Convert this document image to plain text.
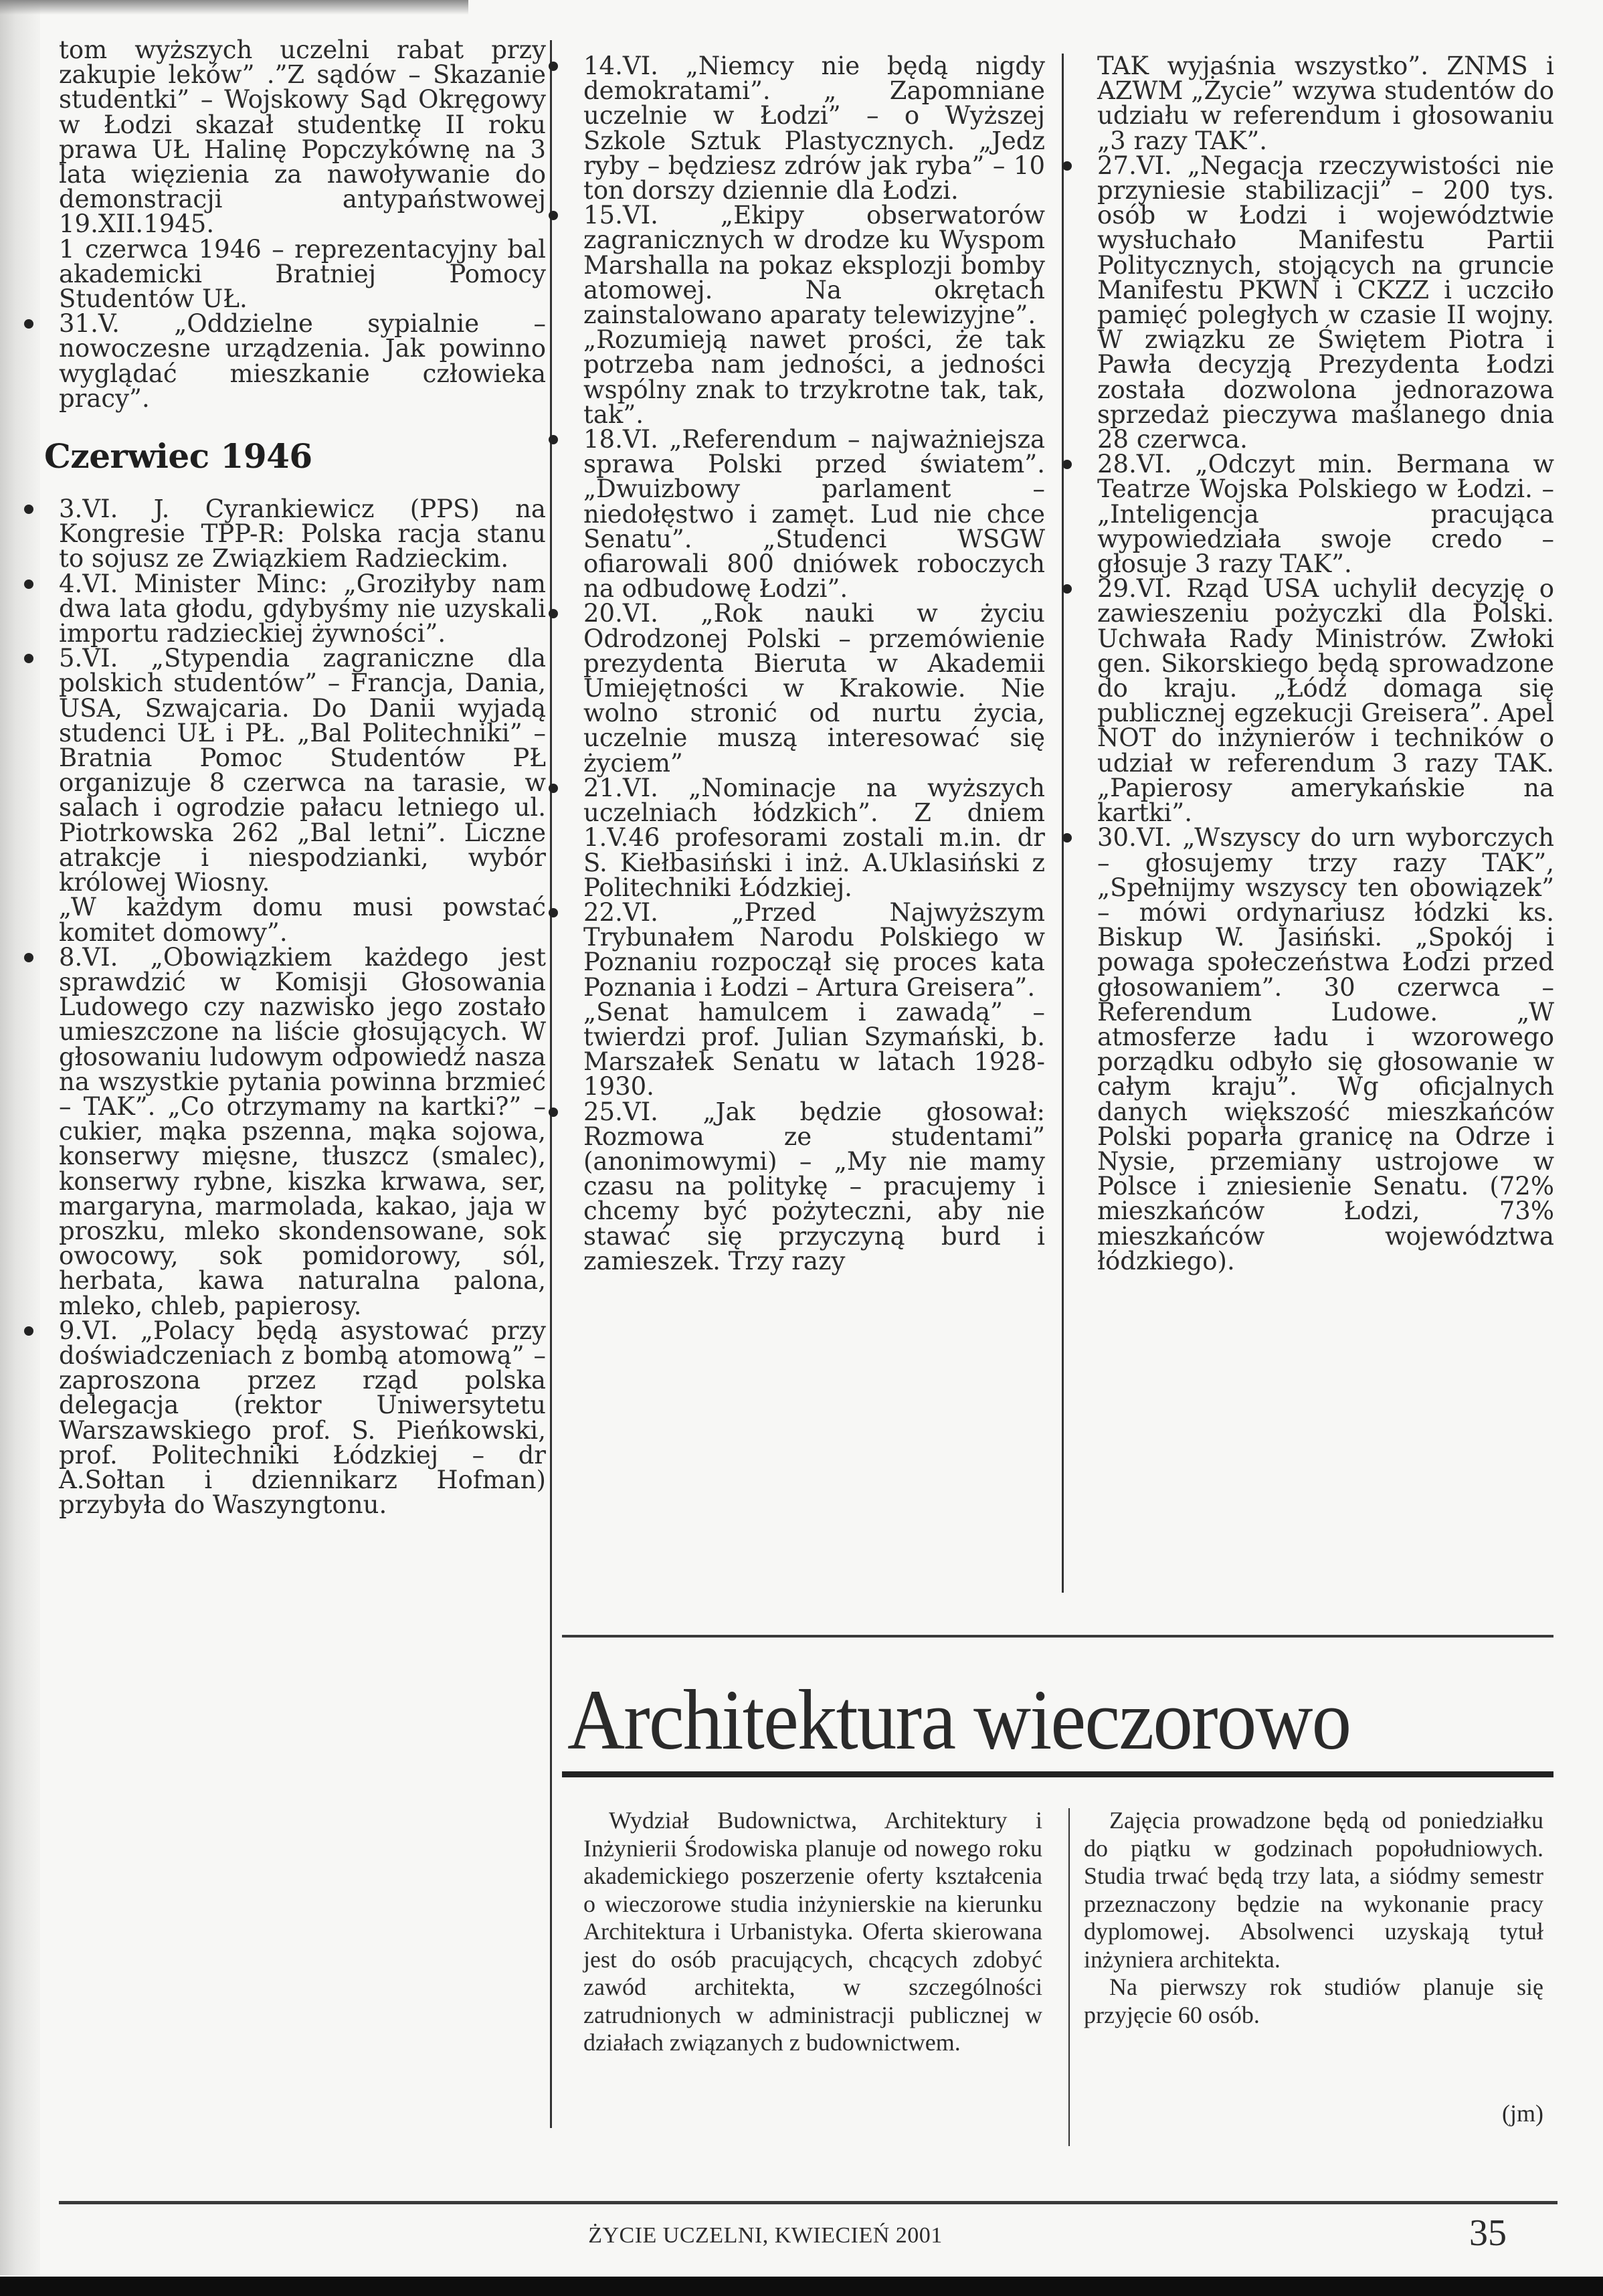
tom wyższych uczelni rabat przy zakupie leków” .”Z sądów – Skazanie studentki” – Wojskowy Sąd Okręgowy w Łodzi skazał studentkę II roku prawa UŁ Halinę Popczykównę na 3 lata więzienia za nawoływanie do demonstracji antypaństwowej 19.XII.1945.

1 czerwca 1946 – reprezentacyjny bal akademicki Bratniej Pomocy Studentów UŁ.

31.V. „Oddzielne sypialnie – nowoczesne urządzenia. Jak powinno wyglądać mieszkanie człowieka pracy”.

Czerwiec 1946

3.VI. J. Cyrankiewicz (PPS) na Kongresie TPP-R: Polska racja stanu to sojusz ze Związkiem Radzieckim.

4.VI. Minister Minc: „Groziłyby nam dwa lata głodu, gdybyśmy nie uzyskali importu radzieckiej żywności”.

5.VI. „Stypendia zagraniczne dla polskich studentów” – Francja, Dania, USA, Szwajcaria. Do Danii wyjadą studenci UŁ i PŁ. „Bal Politechniki” – Bratnia Pomoc Studentów PŁ organizuje 8 czerwca na tarasie, w salach i ogrodzie pałacu letniego ul. Piotrkowska 262 „Bal letni”. Liczne atrakcje i niespodzianki, wybór królowej Wiosny.

„W każdym domu musi powstać komitet domowy”.

8.VI. „Obowiązkiem każdego jest sprawdzić w Komisji Głosowania Ludowego czy nazwisko jego zostało umieszczone na liście głosujących. W głosowaniu ludowym odpowiedź nasza na wszystkie pytania powinna brzmieć – TAK”. „Co otrzymamy na kartki?” – cukier, mąka pszenna, mąka sojowa, konserwy mięsne, tłuszcz (smalec), konserwy rybne, kiszka krwawa, ser, margaryna, marmolada, kakao, jaja w proszku, mleko skondensowane, sok owocowy, sok pomidorowy, sól, herbata, kawa naturalna palona, mleko, chleb, papierosy.

9.VI. „Polacy będą asystować przy doświadczeniach z bombą atomową” – zaproszona przez rząd polska delegacja (rektor Uniwersytetu Warszawskiego prof. S. Pieńkowski, prof. Politechniki Łódzkiej – dr A.Sołtan i dziennikarz Hofman) przybyła do Waszyngtonu.

14.VI. „Niemcy nie będą nigdy demokratami”. „ Zapomniane uczelnie w Łodzi” – o Wyższej Szkole Sztuk Plastycznych. „Jedz ryby – będziesz zdrów jak ryba” – 10 ton dorszy dziennie dla Łodzi.

15.VI. „Ekipy obserwatorów zagranicznych w drodze ku Wyspom Marshalla na pokaz eksplozji bomby atomowej. Na okrętach zainstalowano aparaty telewizyjne”.

„Rozumieją nawet prości, że tak potrzeba nam jedności, a jedności wspólny znak to trzykrotne tak, tak, tak”.

18.VI. „Referendum – najważniejsza sprawa Polski przed światem”. „Dwuizbowy parlament – niedołęstwo i zamęt. Lud nie chce Senatu”. „Studenci WSGW ofiarowali 800 dniówek roboczych na odbudowę Łodzi”.

20.VI. „Rok nauki w życiu Odrodzonej Polski – przemówienie prezydenta Bieruta w Akademii Umiejętności w Krakowie. Nie wolno stronić od nurtu życia, uczelnie muszą interesować się życiem”

21.VI. „Nominacje na wyższych uczelniach łódzkich”. Z dniem 1.V.46 profesorami zostali m.in. dr S. Kiełbasiński i inż. A.Uklasiński z Politechniki Łódzkiej.

22.VI. „Przed Najwyższym Trybunałem Narodu Polskiego w Poznaniu rozpoczął się proces kata Poznania i Łodzi – Artura Greisera”.

„Senat hamulcem i zawadą” – twierdzi prof. Julian Szymański, b. Marszałek Senatu w latach 1928-1930.

25.VI. „Jak będzie głosował: Rozmowa ze studentami” (anonimowymi) – „My nie mamy czasu na politykę – pracujemy i chcemy być pożyteczni, aby nie stawać się przyczyną burd i zamieszek. Trzy razy

TAK wyjaśnia wszystko”. ZNMS i AZWM „Życie” wzywa studentów do udziału w referendum i głosowaniu „3 razy TAK”.

27.VI. „Negacja rzeczywistości nie przyniesie stabilizacji” – 200 tys. osób w Łodzi i województwie wysłuchało Manifestu Partii Politycznych, stojących na gruncie Manifestu PKWN i CKZZ i uczciło pamięć poległych w czasie II wojny. W związku ze Świętem Piotra i Pawła decyzją Prezydenta Łodzi została dozwolona jednorazowa sprzedaż pieczywa maślanego dnia 28 czerwca.

28.VI. „Odczyt min. Bermana w Teatrze Wojska Polskiego w Łodzi. – „Inteligencja pracująca wypowiedziała swoje credo – głosuje 3 razy TAK”.

29.VI. Rząd USA uchylił decyzję o zawieszeniu pożyczki dla Polski. Uchwała Rady Ministrów. Zwłoki gen. Sikorskiego będą sprowadzone do kraju. „Łódź domaga się publicznej egzekucji Greisera”. Apel NOT do inżynierów i techników o udział w referendum 3 razy TAK. „Papierosy amerykańskie na kartki”.

30.VI. „Wszyscy do urn wyborczych – głosujemy trzy razy TAK”, „Spełnijmy wszyscy ten obowiązek” – mówi ordynariusz łódzki ks. Biskup W. Jasiński. „Spokój i powaga społeczeństwa Łodzi przed głosowaniem”. 30 czerwca – Referendum Ludowe. „W atmosferze ładu i wzorowego porządku odbyło się głosowanie w całym kraju”. Wg oficjalnych danych większość mieszkańców Polski poparła granicę na Odrze i Nysie, przemiany ustrojowe w Polsce i zniesienie Senatu. (72% mieszkańców Łodzi, 73% mieszkańców województwa łódzkiego).

Architektura wieczorowo

Wydział Budownictwa, Architektury i Inżynierii Środowiska planuje od nowego roku akademickiego poszerzenie oferty kształcenia o wieczorowe studia inżynierskie na kierunku Architektura i Urbanistyka. Oferta skierowana jest do osób pracujących, chcących zdobyć zawód architekta, w szczególności zatrudnionych w administracji publicznej w działach związanych z budownictwem.

Zajęcia prowadzone będą od poniedziałku do piątku w godzinach popołudniowych. Studia trwać będą trzy lata, a siódmy semestr przeznaczony będzie na wykonanie pracy dyplomowej. Absolwenci uzyskają tytuł inżyniera architekta.

Na pierwszy rok studiów planuje się przyjęcie 60 osób.

(jm)

ŻYCIE UCZELNI, KWIECIEŃ 2001	35
